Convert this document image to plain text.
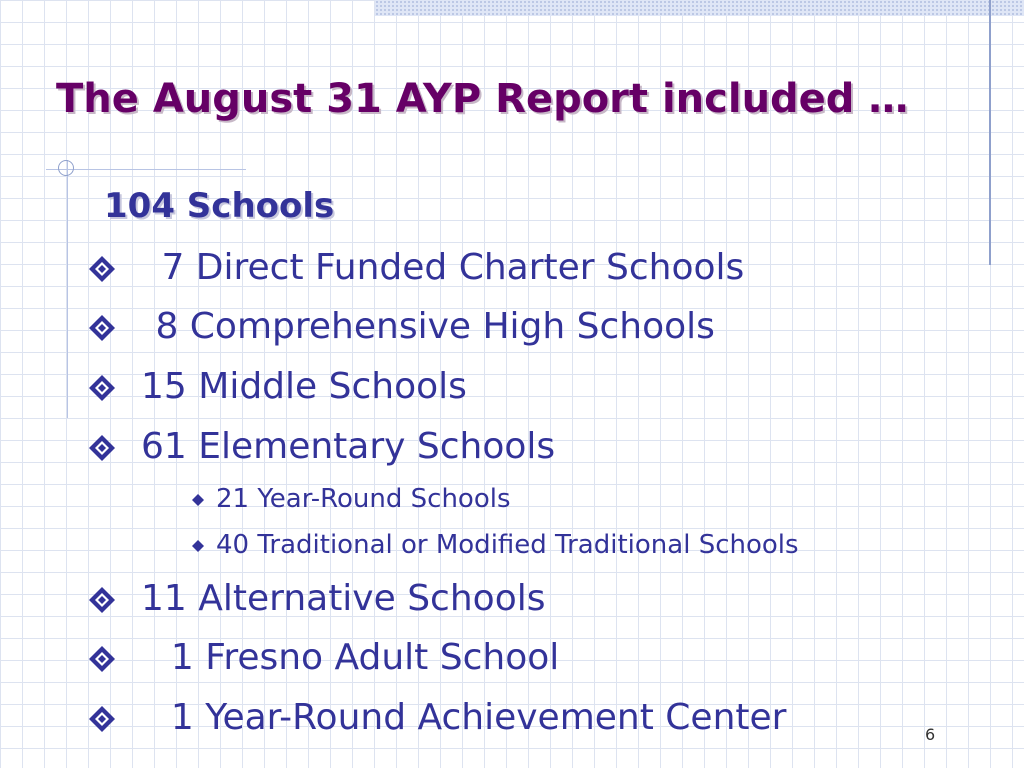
The August 31 AYP Report included …
104 Schools
7 Direct Funded Charter Schools
8 Comprehensive High Schools
15 Middle Schools
61 Elementary Schools
21 Year-Round Schools
40 Traditional or Modified Traditional Schools
11 Alternative Schools
1 Fresno Adult School
1 Year-Round Achievement Center	6
